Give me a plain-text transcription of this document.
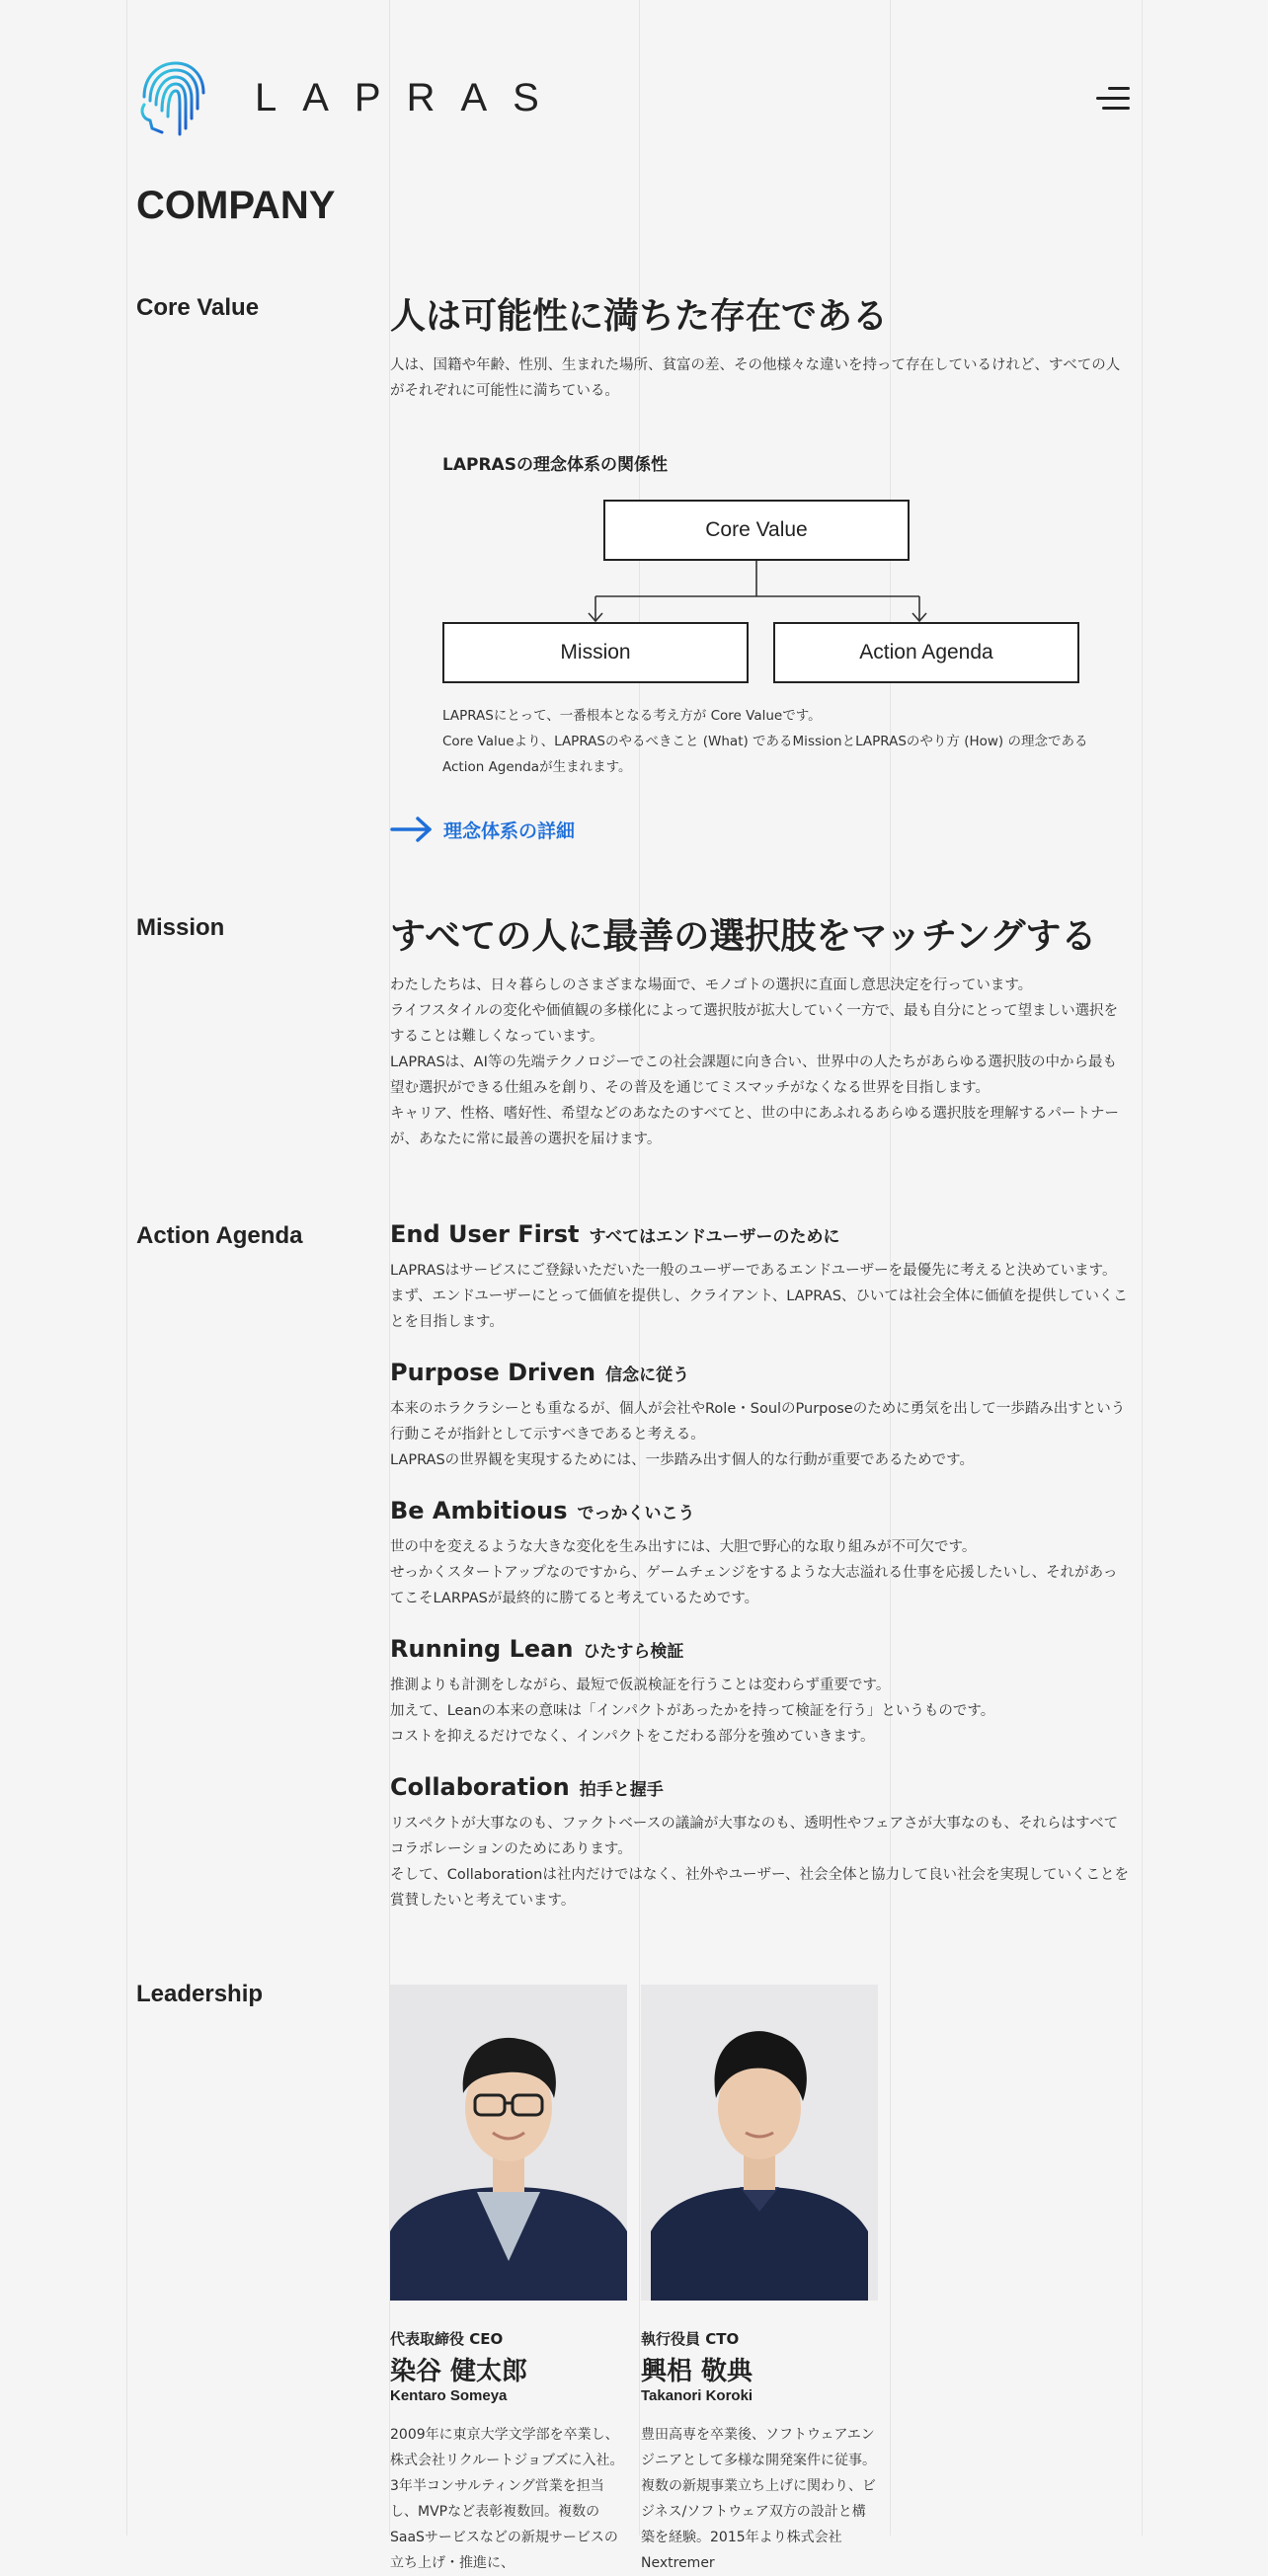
LAPRAS
COMPANY
Core Value	人は可能性に満ちた存在である

人は、国籍や年齢、性別、生まれた場所、貧富の差、その他様々な違いを持って存在しているけれど、すべての人がそれぞれに可能性に満ちている。

LAPRASの理念体系の関係性
Core Value
Mission	Action Agenda
LAPRASにとって、一番根本となる考え方が Core Valueです。
Core Valueより、LAPRASのやるべきこと (What) であるMissionとLAPRASのやり方 (How) の理念である
Action Agendaが生まれます。
理念体系の詳細
Mission	すべての人に最善の選択肢をマッチングする
わたしたちは、日々暮らしのさまざまな場面で、モノゴトの選択に直面し意思決定を行っています。
ライフスタイルの変化や価値観の多様化によって選択肢が拡大していく一方で、最も自分にとって望ましい選択をすることは難しくなっています。
LAPRASは、AI等の先端テクノロジーでこの社会課題に向き合い、世界中の人たちがあらゆる選択肢の中から最も望む選択ができる仕組みを創り、その普及を通じてミスマッチがなくなる世界を目指します。
キャリア、性格、嗜好性、希望などのあなたのすべてと、世の中にあふれるあらゆる選択肢を理解するパートナーが、あなたに常に最善の選択を届けます。
Action Agenda	End User First すべてはエンドユーザーのために
LAPRASはサービスにご登録いただいた一般のユーザーであるエンドユーザーを最優先に考えると決めています。
まず、エンドユーザーにとって価値を提供し、クライアント、LAPRAS、ひいては社会全体に価値を提供していくことを目指します。
Purpose Driven 信念に従う
本来のホラクラシーとも重なるが、個人が会社やRole・SoulのPurposeのために勇気を出して一歩踏み出すという行動こそが指針として示すべきであると考える。
LAPRASの世界観を実現するためには、一歩踏み出す個人的な行動が重要であるためです。
Be Ambitious でっかくいこう
世の中を変えるような大きな変化を生み出すには、大胆で野心的な取り組みが不可欠です。
せっかくスタートアップなのですから、ゲームチェンジをするような大志溢れる仕事を応援したいし、それがあってこそLARPASが最終的に勝てると考えているためです。
Running Lean ひたすら検証
推測よりも計測をしながら、最短で仮説検証を行うことは変わらず重要です。
加えて、Leanの本来の意味は「インパクトがあったかを持って検証を行う」というものです。
コストを抑えるだけでなく、インパクトをこだわる部分を強めていきます。
Collaboration 拍手と握手
リスペクトが大事なのも、ファクトベースの議論が大事なのも、透明性やフェアさが大事なのも、それらはすべてコラボレーションのためにあります。
そして、Collaborationは社内だけではなく、社外やユーザー、社会全体と協力して良い社会を実現していくことを賞賛したいと考えています。
Leadership
代表取締役 CEO
染谷 健太郎
Kentaro Someya
2009年に東京大学文学部を卒業し、株式会社リクルートジョブズに入社。3年半コンサルティング営業を担当し、MVPなど表彰複数回。複数のSaaSサービスなどの新規サービスの立ち上げ・推進に、
執行役員 CTO
興梠 敬典
Takanori Koroki
豊田高専を卒業後、ソフトウェアエンジニアとして多様な開発案件に従事。複数の新規事業立ち上げに関わり、ビジネス/ソフトウェア双方の設計と構築を経験。2015年より株式会社Nextremer
